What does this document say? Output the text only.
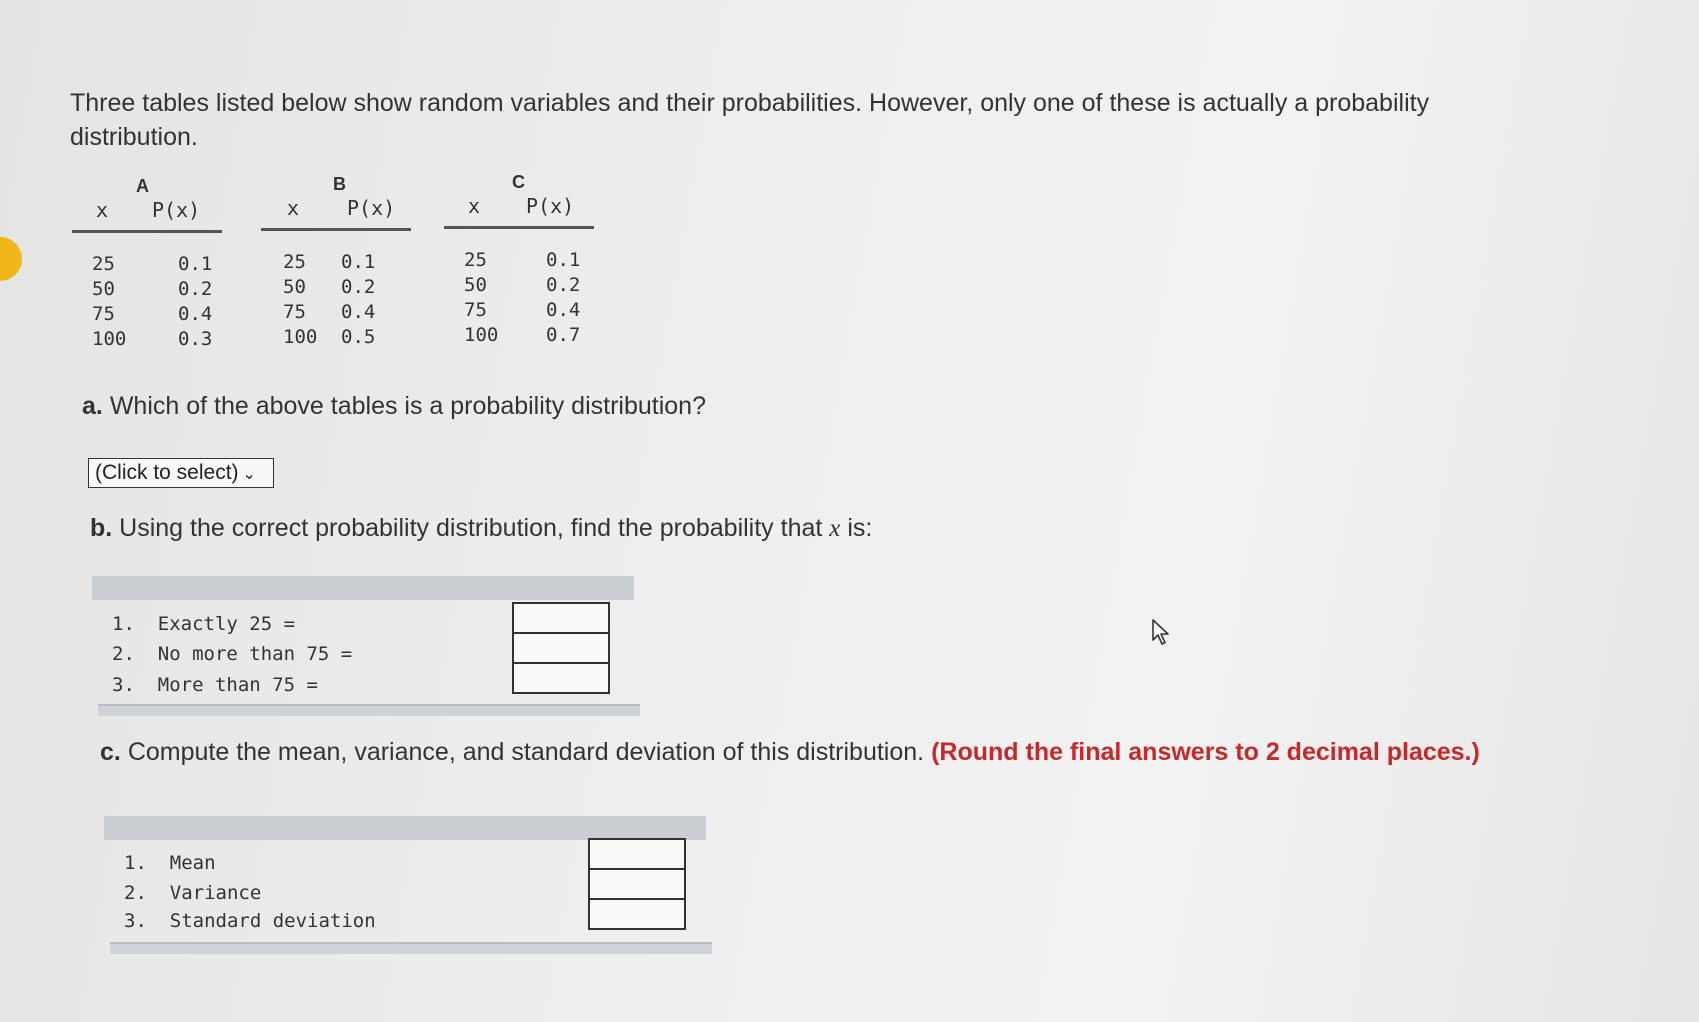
Three tables listed below show random variables and their probabilities. However, only one of these is actually a probability distribution.
A
x P(x)
25	0.1
50	0.2
75	0.4
100	0.3
B
x P(x)
25 0.1
50 0.2
75 0.4
100 0.5
C
x P(x)
25	0.1
50	0.2
75	0.4
100	0.7
a. Which of the above tables is a probability distribution?
(Click to select) ⌄
b. Using the correct probability distribution, find the probability that x is:
1. Exactly 25 =
2. No more than 75 =
3. More than 75 =
c. Compute the mean, variance, and standard deviation of this distribution. (Round the final answers to 2 decimal places.)
1. Mean
2. Variance
3. Standard deviation
